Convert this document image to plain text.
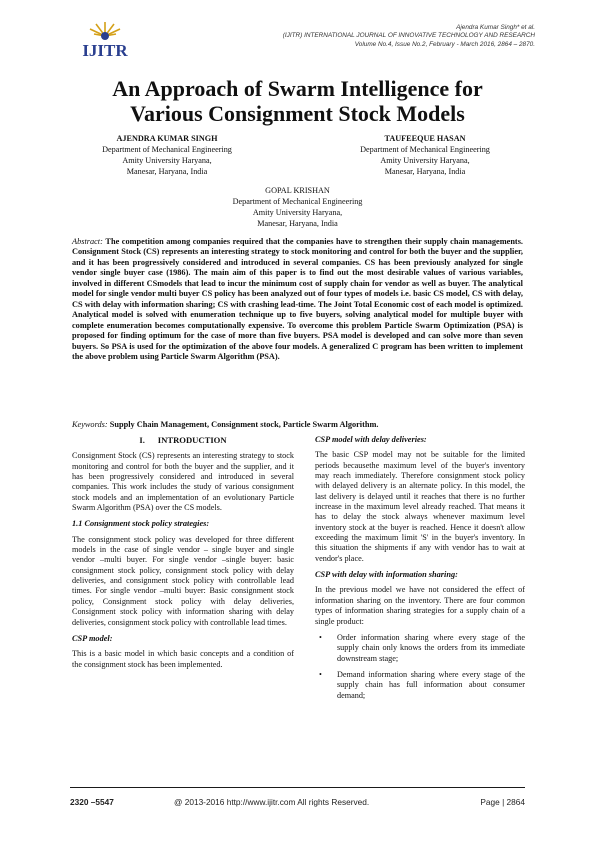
IJITR
Ajendra Kumar Singh* et al.
(IJITR) INTERNATIONAL JOURNAL OF INNOVATIVE TECHNOLOGY AND RESEARCH
Volume No.4, Issue No.2, February - March 2016, 2864 – 2870.
An Approach of Swarm Intelligence for
Various Consignment Stock Models
AJENDRA KUMAR SINGH
Department of Mechanical Engineering
Amity University Haryana,
Manesar, Haryana, India
TAUFEEQUE HASAN
Department of Mechanical Engineering
Amity University Haryana,
Manesar, Haryana, India
GOPAL KRISHAN
Department of Mechanical Engineering
Amity University Haryana,
Manesar, Haryana, India

Abstract: The competition among companies required that the companies have to strengthen their supply chain managements. Consignment Stock (CS) represents an interesting strategy to stock monitoring and control for both the buyer and the supplier, and it has been progressively considered and introduced in several companies. CS has been previously analyzed for single vendor single buyer case (1986). The main aim of this paper is to find out the most desirable values of various variables, involved in different CSmodels that lead to incur the minimum cost of supply chain for vendor as well as buyer. The analytical model for single vendor multi buyer CS policy has been analyzed out of four types of models i.e. basic CS model, CS with delay, CS with delay with information sharing; CS with crashing lead-time. The Joint Total Economic cost of each model is optimized. Analytical model is solved with enumeration technique up to five buyers, solving analytical model for multiple buyer with complete enumeration becomes computationally expensive. To overcome this problem Particle Swarm Optimization (PSA) is proposed for finding optimum for the case of more than five buyers. PSA model is developed and can solve more than seven buyers. So PSA is used for the optimization of the above four models. A generalized C program has been written to implement the above problem using Particle Swarm Algorithm (PSA).

Keywords: Supply Chain Management, Consignment stock, Particle Swarm Algorithm.

I.      INTRODUCTION

Consignment Stock (CS) represents an interesting strategy to stock monitoring and control for both the buyer and the supplier, and it has been progressively considered and introduced in several companies. This work includes the study of various consignment stock models and an implementation of an evolutionary Particle Swarm Algorithm (PSA) over the CS models.

1.1 Consignment stock policy strategies:

The consignment stock policy was developed for three different models in the case of single vendor – single buyer and single vendor –multi buyer. For single vendor –single buyer: basic consignment stock policy, consignment stock policy with delay deliveries, and consignment stock policy with controllable lead times. For single vendor –multi buyer: Basic consignment stock policy, Consignment stock policy with delay deliveries, Consignment stock policy with information sharing with delay deliveries, consignment stock policy with controllable lead times.

CSP model:

This is a basic model in which basic concepts and a condition of the consignment stock has been implemented.

CSP model with delay deliveries:

The basic CSP model may not be suitable for the limited periods becausethe maximum level of the buyer's inventory may reach immediately. Therefore consignment stock policy with delayed delivery is an alternate policy. In this model, the last delivery is delayed until it reaches that there is no further increase in the maximum level already reached. That means it has to delay the stock always whenever maximum level inventory stock at the buyer is reached. Hence it doesn't allow exceeding the maximum limit 'S' in the buyer's inventory. In this situation the shipments if any with vendor has to wait at vendor's place.

CSP with delay with information sharing:

In the previous model we have not considered the effect of information sharing on the inventory. There are four common types of information sharing strategies for a supply chain of a single product:

• Order information sharing where every stage of the supply chain only knows the orders from its immediate downstream stage;
• Demand information sharing where every stage of the supply chain has full information about consumer demand;
2320 –5547	@ 2013-2016 http://www.ijitr.com All rights Reserved.	Page | 2864
